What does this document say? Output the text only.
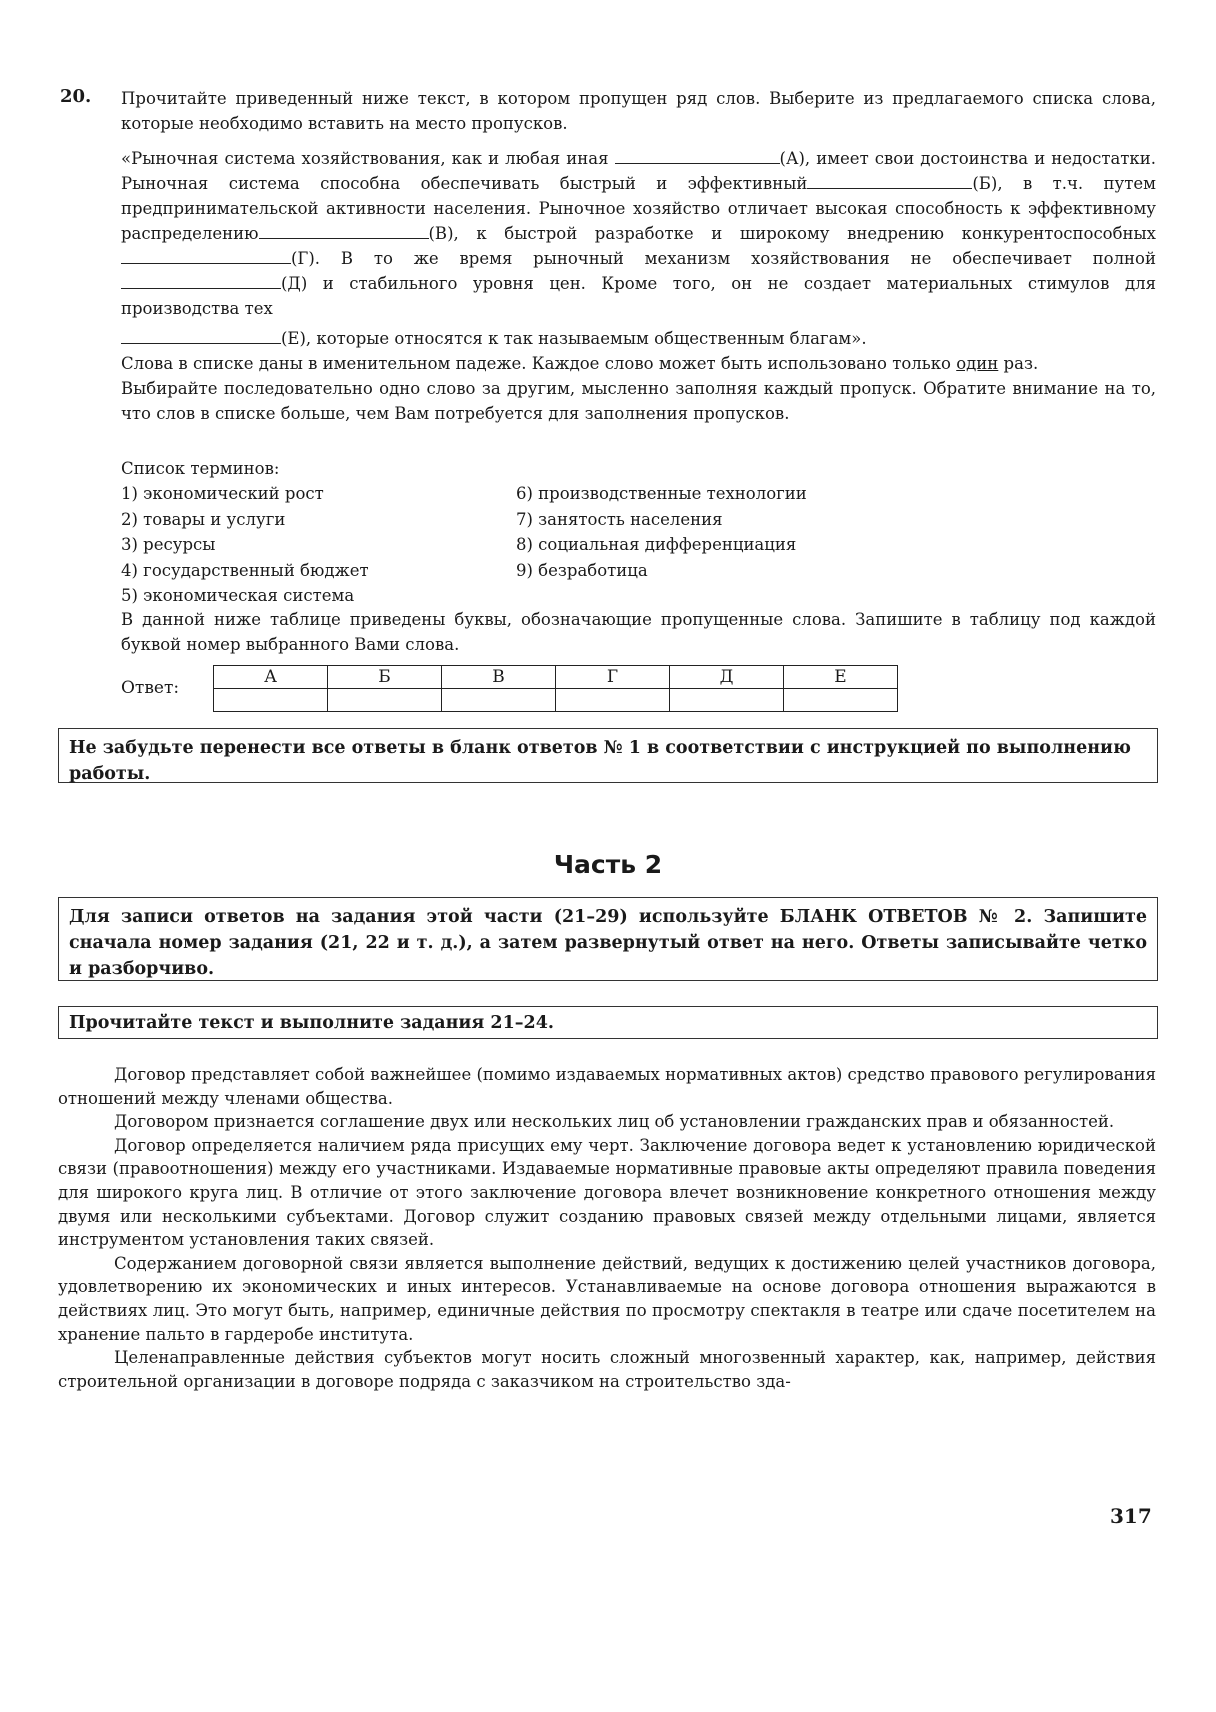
20. Прочитайте приведенный ниже текст, в котором пропущен ряд слов. Выберите из предлагаемого списка слова, которые необходимо вставить на место пропусков.
«Рыночная система хозяйствования, как и любая иная	(А), имеет свои достоинства и недостатки. Рыночная система способна обеспечивать быстрый и эффективный	(Б), в т.ч. путем предпринимательской активности населения. Рыночное хозяйство отличает высокая способность к эффективному распределению	(В), к быстрой разработке и широкому внедрению конкурентоспособных (Г). В то же время рыночный механизм хозяйствования не обеспечивает полной (Д) и стабильного уровня цен. Кроме того, он не создает материальных стимулов для производства тех
(Е), которые относятся к так называемым общественным благам».
Слова в списке даны в именительном падеже. Каждое слово может быть использовано только один раз.
Выбирайте последовательно одно слово за другим, мысленно заполняя каждый пропуск. Обратите внимание на то, что слов в списке больше, чем Вам потребуется для заполнения пропусков.
Список терминов:
1) экономический рост	6) производственные технологии
2) товары и услуги	7) занятость населения
3) ресурсы	8) социальная дифференциация
4) государственный бюджет	9) безработица
5) экономическая система
В данной ниже таблице приведены буквы, обозначающие пропущенные слова. Запишите в таблицу под каждой буквой номер выбранного Вами слова.
Ответ:
А	Б	В	Г	Д	Е

Не забудьте перенести все ответы в бланк ответов № 1 в соответствии с инструкцией по выполнению работы.
Часть 2
Для записи ответов на задания этой части (21–29) используйте БЛАНК ОТВЕТОВ № 2. Запишите сначала номер задания (21, 22 и т. д.), а затем развернутый ответ на него. Ответы записывайте четко и разборчиво.
Прочитайте текст и выполните задания 21–24.

Договор представляет собой важнейшее (помимо издаваемых нормативных актов) средство правового регулирования отношений между членами общества.

Договором признается соглашение двух или нескольких лиц об установлении гражданских прав и обязанностей.

Договор определяется наличием ряда присущих ему черт. Заключение договора ведет к установлению юридической связи (правоотношения) между его участниками. Издаваемые нормативные правовые акты определяют правила поведения для широкого круга лиц. В отличие от этого заключение договора влечет возникновение конкретного отношения между двумя или несколькими субъектами. Договор служит созданию правовых связей между отдельными лицами, является инструментом установления таких связей.

Содержанием договорной связи является выполнение действий, ведущих к достижению целей участников договора, удовлетворению их экономических и иных интересов. Устанавливаемые на основе договора отношения выражаются в действиях лиц. Это могут быть, например, единичные действия по просмотру спектакля в театре или сдаче посетителем на хранение пальто в гардеробе института.

Целенаправленные действия субъектов могут носить сложный многозвенный характер, как, например, действия строительной организации в договоре подряда с заказчиком на строительство зда-

317
